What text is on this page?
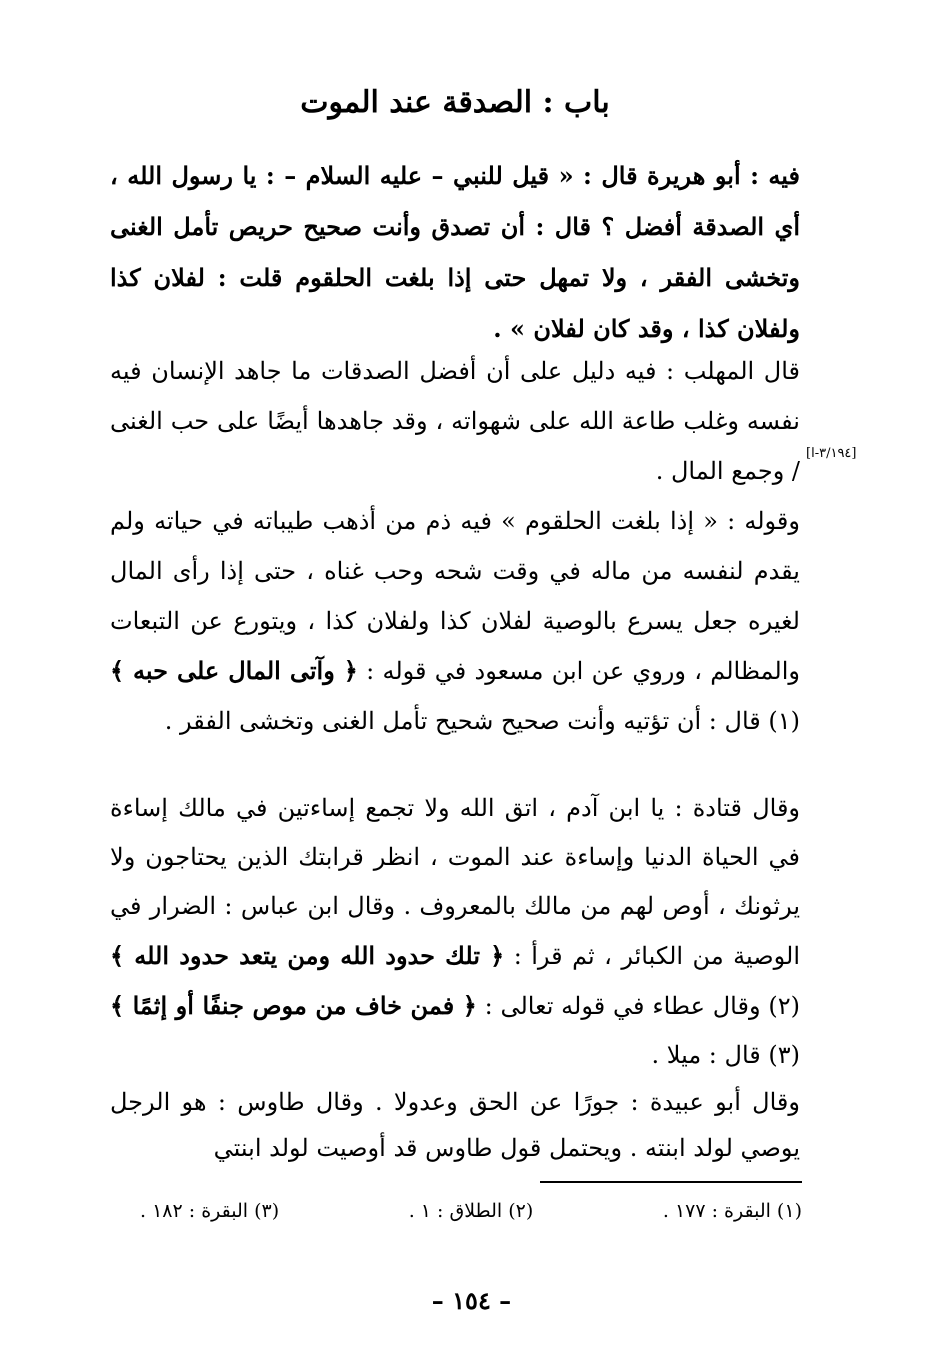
باب : الصدقة عند الموت

فيه : أبو هريرة قال : « قيل للنبي – عليه السلام – : يا رسول الله ، أي الصدقة أفضل ؟ قال : أن تصدق وأنت صحيح حريص تأمل الغنى وتخشى الفقر ، ولا تمهل حتى إذا بلغت الحلقوم قلت : لفلان كذا ولفلان كذا ، وقد كان لفلان » .

قال المهلب : فيه دليل على أن أفضل الصدقات ما جاهد الإنسان فيه نفسه وغلب طاعة الله على شهواته ، وقد جاهدها أيضًا على حب الغنى / وجمع المال .

[٣/١٩٤-ا]

وقوله : « إذا بلغت الحلقوم » فيه ذم من أذهب طيباته في حياته ولم يقدم لنفسه من ماله في وقت شحه وحب غناه ، حتى إذا رأى المال لغيره جعل يسرع بالوصية لفلان كذا ولفلان كذا ، ويتورع عن التبعات والمظالم ، وروي عن ابن مسعود في قوله : ﴿ وآتى المال على حبه ﴾ (١) قال : أن تؤتيه وأنت صحيح شحيح تأمل الغنى وتخشى الفقر .

وقال قتادة : يا ابن آدم ، اتق الله ولا تجمع إساءتين في مالك إساءة في الحياة الدنيا وإساءة عند الموت ، انظر قرابتك الذين يحتاجون ولا يرثونك ، أوص لهم من مالك بالمعروف . وقال ابن عباس : الضرار في الوصية من الكبائر ، ثم قرأ : ﴿ تلك حدود الله ومن يتعد حدود الله ﴾ (٢) وقال عطاء في قوله تعالى : ﴿ فمن خاف من موص جنفًا أو إثمًا ﴾ (٣) قال : ميلا .

وقال أبو عبيدة : جورًا عن الحق وعدولا . وقال طاوس : هو الرجل يوصي لولد ابنته . ويحتمل قول طاوس قد أوصيت لولد ابنتي

(١) البقرة : ١٧٧ .
(٢) الطلاق : ١ .
(٣) البقرة : ١٨٢ .
– ١٥٤ –
